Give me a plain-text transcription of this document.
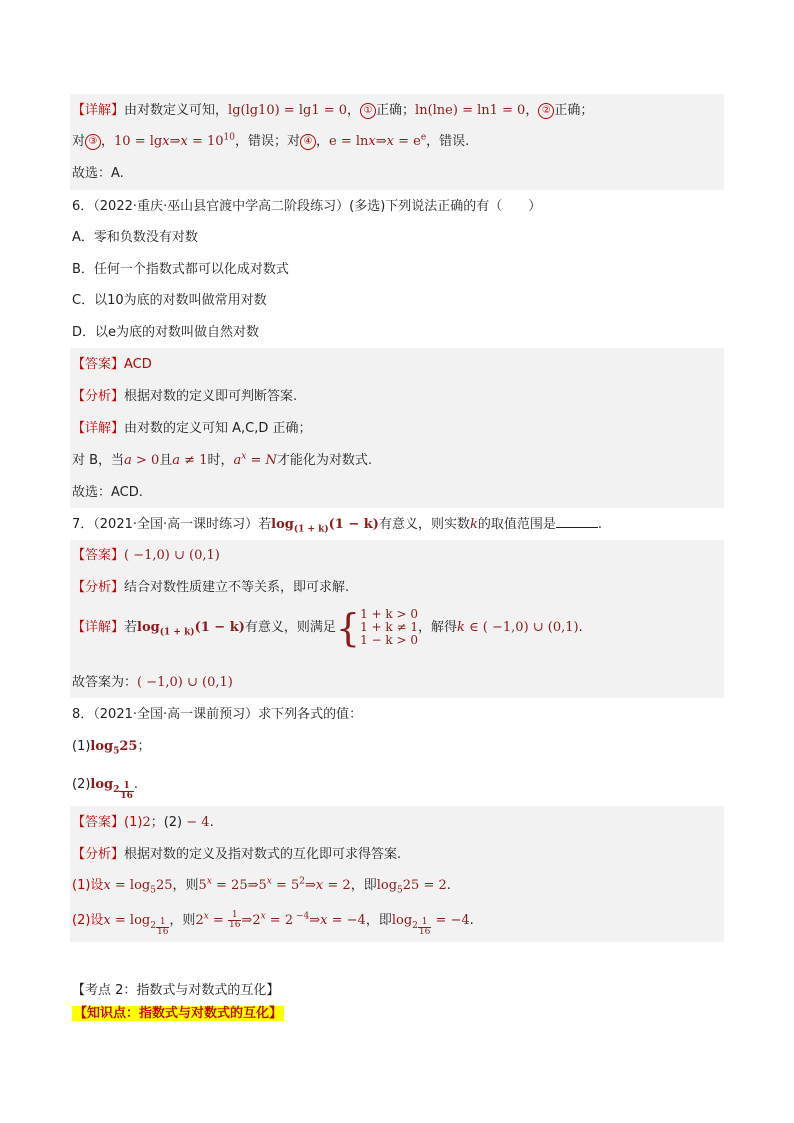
【详解】由对数定义可知，lg(lg10) = lg1 = 0， ① 正确；ln(lne) = ln1 = 0， ② 正确；
对 ③ ，10 = lgx⇒x = $10^{10}$，错误；对 ④ ，e = lnx⇒x = $e^e$，错误.
故选：A.
6．（2022·重庆·巫山县官渡中学高二阶段练习）(多选)下列说法正确的有（　　）
A．零和负数没有对数
B．任何一个指数式都可以化成对数式
C．以10为底的对数叫做常用对数
D．以e为底的对数叫做自然对数
【答案】ACD
【分析】根据对数的定义即可判断答案.
【详解】由对数的定义可知 A,C,D 正确；
对 B，当a > 0且a ≠ 1时，$a^x = N$才能化为对数式.
故选：ACD.
7．（2021·全国·高一课时练习）若$\log_{(1 + k)}(1 - k)$有意义，则实数k的取值范围是	.
【答案】( −1,0) ∪ (0,1)
【分析】结合对数性质建立不等关系，即可求解.
【详解】若$\log_{(1 + k)}(1 - k)$有意义，则满足{ 1 + k > 0
1 + k ≠ 1
1 − k > 0
，解得k ∈ ( −1,0) ∪ (0,1).
故答案为：( −1,0) ∪ (0,1)
8．（2021·全国·高一课前预习）求下列各式的值：
$(1)\log_525$；
$(2)\log_{2 \frac{1}{16}}$ .
【答案】(1)2；(2) − 4.
【分析】根据对数的定义及指对数式的互化即可求得答案.
(1)设$x = \log_525$，则$5^x$ = $25\Rightarrow 5^x$ = $5^2\Rightarrow x = 2$，即$\log_525 = 2$.
(2)设$x = \log_{2 \frac{1}{16}}$ ，则$2^x = \frac{1}{16}$ $\Rightarrow 2^x = 2$ $^{-4}$⇒x = −4，即$\log_{2 \frac{1}{16}} = -4$.
【考点 2：指数式与对数式的互化】
【知识点：指数式与对数式的互化】
